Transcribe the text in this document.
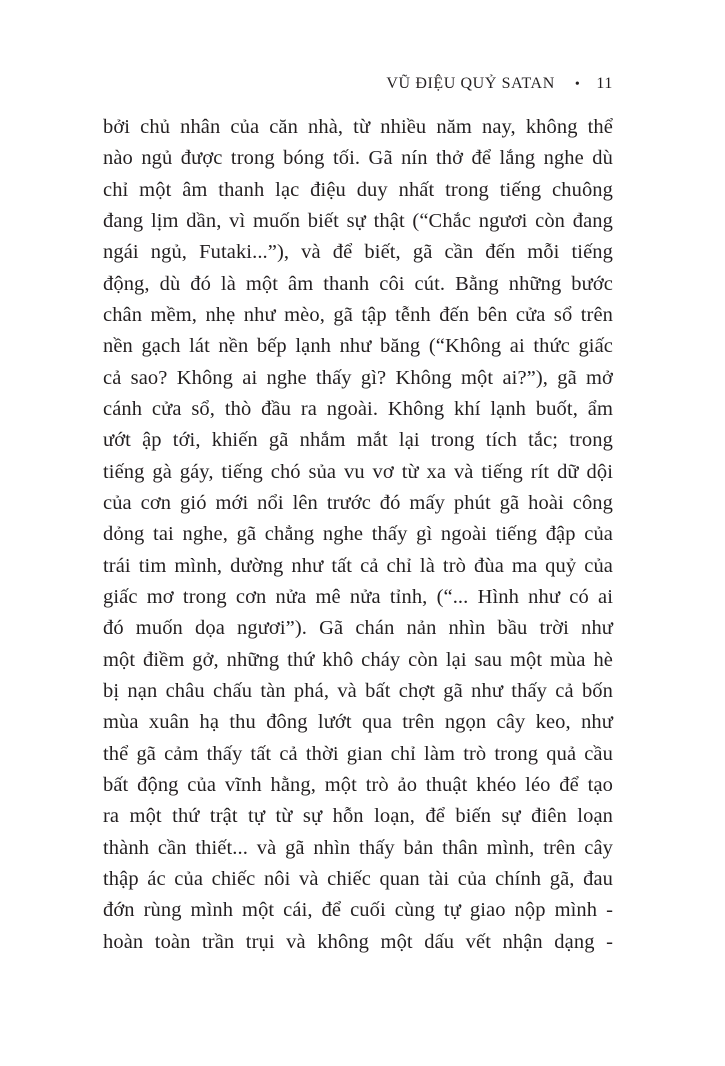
VŨ ĐIỆU QUỶ SATAN • 11
bởi chủ nhân của căn nhà, từ nhiều năm nay, không thể
nào ngủ được trong bóng tối. Gã nín thở để lắng nghe dù
chỉ một âm thanh lạc điệu duy nhất trong tiếng chuông
đang lịm dần, vì muốn biết sự thật (“Chắc ngươi còn đang
ngái ngủ, Futaki...”), và để biết, gã cần đến mỗi tiếng
động, dù đó là một âm thanh côi cút. Bằng những bước
chân mềm, nhẹ như mèo, gã tập tễnh đến bên cửa sổ trên
nền gạch lát nền bếp lạnh như băng (“Không ai thức giấc
cả sao? Không ai nghe thấy gì? Không một ai?”), gã mở
cánh cửa sổ, thò đầu ra ngoài. Không khí lạnh buốt, ẩm
ướt ập tới, khiến gã nhắm mắt lại trong tích tắc; trong
tiếng gà gáy, tiếng chó sủa vu vơ từ xa và tiếng rít dữ dội
của cơn gió mới nổi lên trước đó mấy phút gã hoài công
dỏng tai nghe, gã chẳng nghe thấy gì ngoài tiếng đập của
trái tim mình, dường như tất cả chỉ là trò đùa ma quỷ của
giấc mơ trong cơn nửa mê nửa tỉnh, (“... Hình như có ai
đó muốn dọa ngươi”). Gã chán nản nhìn bầu trời như
một điềm gở, những thứ khô cháy còn lại sau một mùa hè
bị nạn châu chấu tàn phá, và bất chợt gã như thấy cả bốn
mùa xuân hạ thu đông lướt qua trên ngọn cây keo, như
thể gã cảm thấy tất cả thời gian chỉ làm trò trong quả cầu
bất động của vĩnh hằng, một trò ảo thuật khéo léo để tạo
ra một thứ trật tự từ sự hỗn loạn, để biến sự điên loạn
thành cần thiết... và gã nhìn thấy bản thân mình, trên cây
thập ác của chiếc nôi và chiếc quan tài của chính gã, đau
đớn rùng mình một cái, để cuối cùng tự giao nộp mình -
hoàn toàn trần trụi và không một dấu vết nhận dạng -
